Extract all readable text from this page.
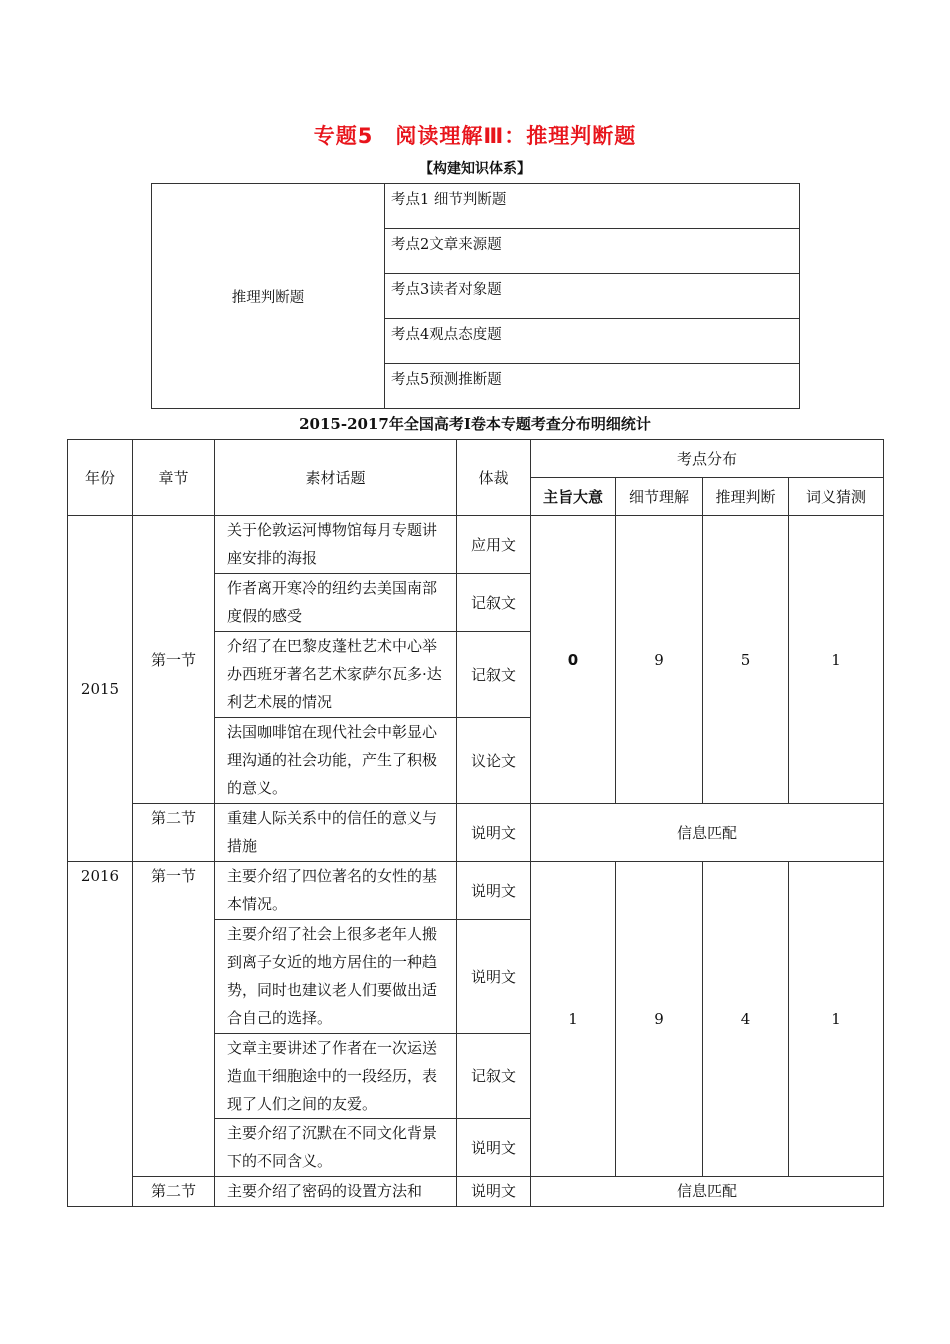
专题5　阅读理解Ⅲ：推理判断题
【构建知识体系】
推理判断题	考点1 细节判断题
考点2文章来源题
考点3读者对象题
考点4观点态度题
考点5预测推断题
2015-2017年全国高考Ⅰ卷本专题考查分布明细统计
年份	章节	素材话题	体裁	考点分布			
				主旨大意	细节理解	推理判断	词义猜测
2015	第一节	关于伦敦运河博物馆每月专题讲座安排的海报	应用文	0	9	5	1
		作者离开寒冷的纽约去美国南部度假的感受	记叙文				
		介绍了在巴黎皮蓬杜艺术中心举办西班牙著名艺术家萨尔瓦多·达利艺术展的情况	记叙文				
		法国咖啡馆在现代社会中彰显心理沟通的社会功能，产生了积极的意义。	议论文				
	第二节	重建人际关系中的信任的意义与措施	说明文	信息匹配			
2016	第一节	主要介绍了四位著名的女性的基本情况。	说明文	1	9	4	1
		主要介绍了社会上很多老年人搬到离子女近的地方居住的一种趋势，同时也建议老人们要做出适合自己的选择。	说明文				
		文章主要讲述了作者在一次运送造血干细胞途中的一段经历，表现了人们之间的友爱。	记叙文				
		主要介绍了沉默在不同文化背景下的不同含义。	说明文				
	第二节	主要介绍了密码的设置方法和	说明文	信息匹配			
